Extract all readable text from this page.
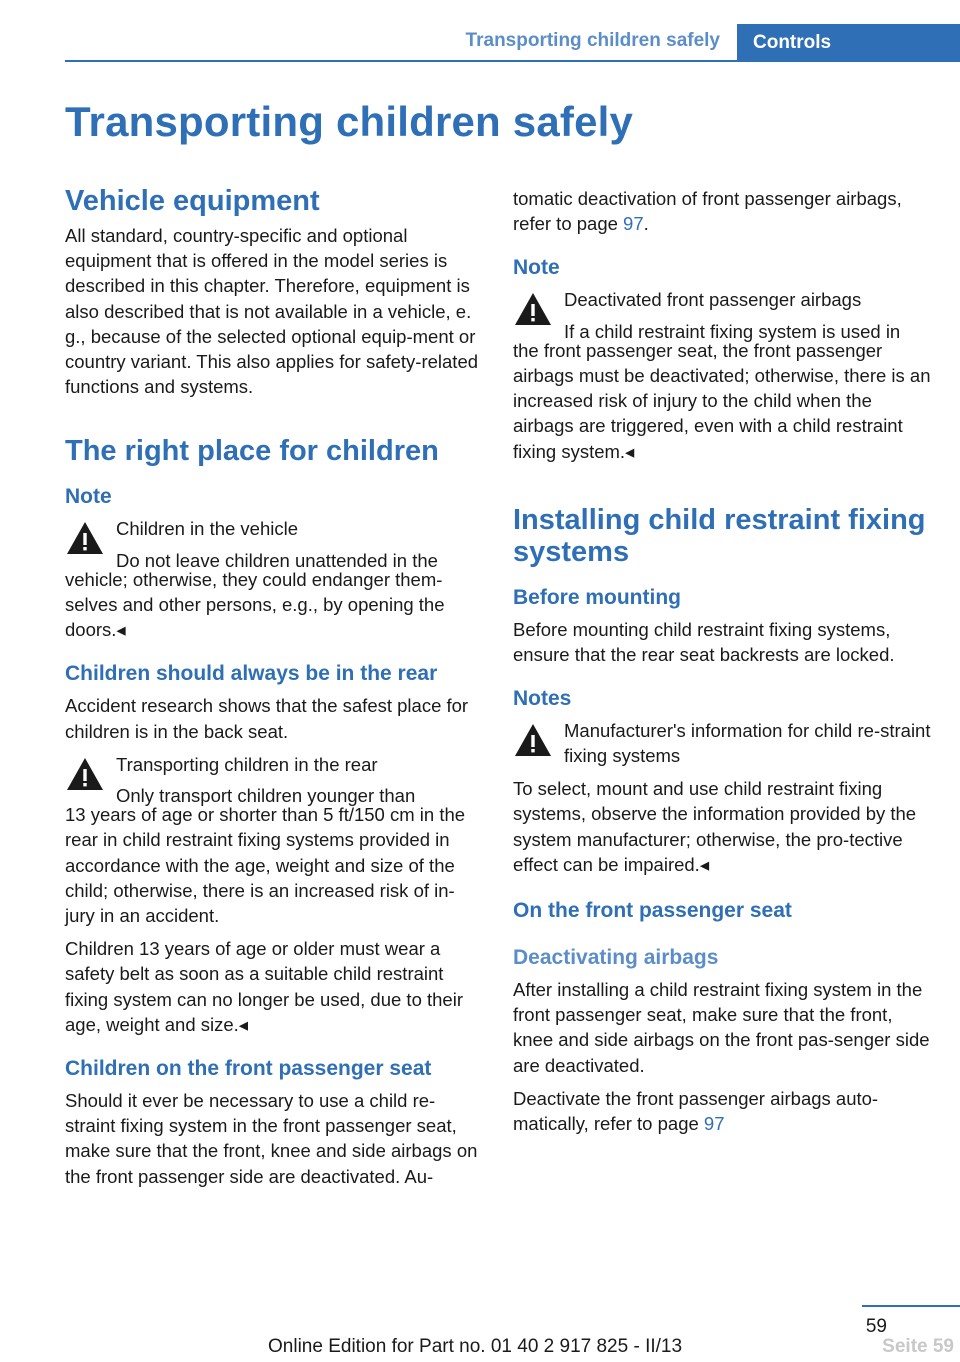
Transporting children safely	Controls
Transporting children safely
Vehicle equipment

All standard, country-specific and optional equipment that is offered in the model series is described in this chapter. Therefore, equipment is also described that is not available in a vehicle, e. g., because of the selected optional equip-ment or country variant. This also applies for safety-related functions and systems.

The right place for children
Note

Children in the vehicle

Do not leave children unattended in the

vehicle; otherwise, they could endanger them-selves and other persons, e.g., by opening the doors.◂

Children should always be in the rear

Accident research shows that the safest place for children is in the back seat.

Transporting children in the rear

Only transport children younger than

13 years of age or shorter than 5 ft/150 cm in the rear in child restraint fixing systems provided in accordance with the age, weight and size of the child; otherwise, there is an increased risk of in-jury in an accident.

Children 13 years of age or older must wear a safety belt as soon as a suitable child restraint fixing system can no longer be used, due to their age, weight and size.◂

Children on the front passenger seat

Should it ever be necessary to use a child re-straint fixing system in the front passenger seat, make sure that the front, knee and side airbags on the front passenger side are deactivated. Au-

tomatic deactivation of front passenger airbags, refer to page 97.

Note

Deactivated front passenger airbags

If a child restraint fixing system is used in

the front passenger seat, the front passenger airbags must be deactivated; otherwise, there is an increased risk of injury to the child when the airbags are triggered, even with a child restraint fixing system.◂

Installing child restraint fixing systems
Before mounting

Before mounting child restraint fixing systems, ensure that the rear seat backrests are locked.

Notes

Manufacturer's information for child re-straint fixing systems

To select, mount and use child restraint fixing systems, observe the information provided by the system manufacturer; otherwise, the pro-tective effect can be impaired.◂

On the front passenger seat
Deactivating airbags

After installing a child restraint fixing system in the front passenger seat, make sure that the front, knee and side airbags on the front pas-senger side are deactivated.

Deactivate the front passenger airbags auto-matically, refer to page 97

59
Online Edition for Part no. 01 40 2 917 825 - II/13	Seite 59
